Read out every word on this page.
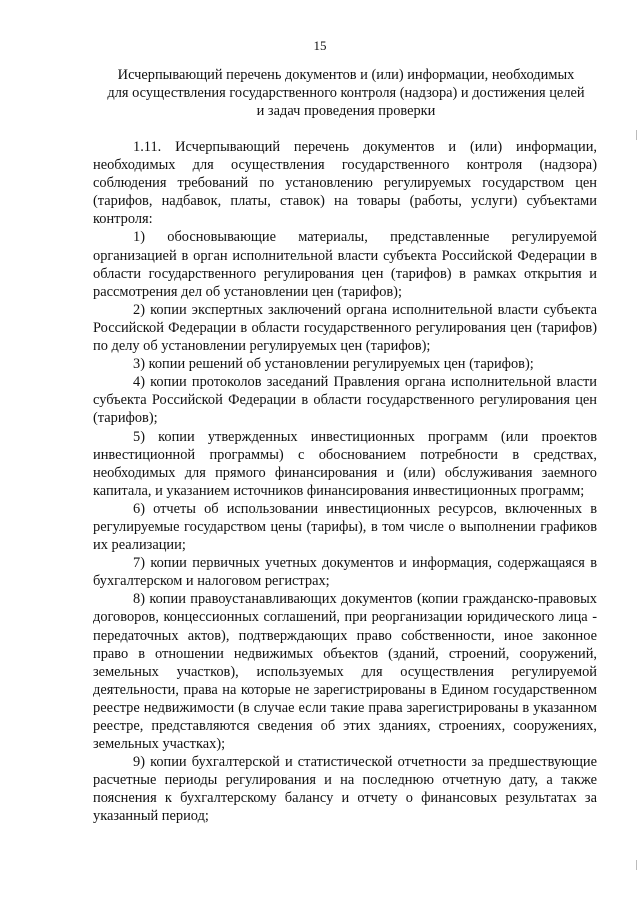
15
Исчерпывающий перечень документов и (или) информации, необходимых
для осуществления государственного контроля (надзора) и достижения целей
и задач проведения проверки

1.11. Исчерпывающий перечень документов и (или) информации, необходимых для осуществления государственного контроля (надзора) соблюдения требований по установлению регулируемых государством цен (тарифов, надбавок, платы, ставок) на товары (работы, услуги) субъектами контроля:

1) обосновывающие материалы, представленные регулируемой организацией в орган исполнительной власти субъекта Российской Федерации в области государственного регулирования цен (тарифов) в рамках открытия и рассмотрения дел об установлении цен (тарифов);

2) копии экспертных заключений органа исполнительной власти субъекта Российской Федерации в области государственного регулирования цен (тарифов) по делу об установлении регулируемых цен (тарифов);

3) копии решений об установлении регулируемых цен (тарифов);

4) копии протоколов заседаний Правления органа исполнительной власти субъекта Российской Федерации в области государственного регулирования цен (тарифов);

5) копии утвержденных инвестиционных программ (или проектов инвестиционной программы) с обоснованием потребности в средствах, необходимых для прямого финансирования и (или) обслуживания заемного капитала, и указанием источников финансирования инвестиционных программ;

6) отчеты об использовании инвестиционных ресурсов, включенных в регулируемые государством цены (тарифы), в том числе о выполнении графиков их реализации;

7) копии первичных учетных документов и информация, содержащаяся в бухгалтерском и налоговом регистрах;

8) копии правоустанавливающих документов (копии гражданско-правовых договоров, концессионных соглашений, при реорганизации юридического лица - передаточных актов), подтверждающих право собственности, иное законное право в отношении недвижимых объектов (зданий, строений, сооружений, земельных участков), используемых для осуществления регулируемой деятельности, права на которые не зарегистрированы в Едином государственном реестре недвижимости (в случае если такие права зарегистрированы в указанном реестре, представляются сведения об этих зданиях, строениях, сооружениях, земельных участках);

9) копии бухгалтерской и статистической отчетности за предшествующие расчетные периоды регулирования и на последнюю отчетную дату, а также пояснения к бухгалтерскому балансу и отчету о финансовых результатах за указанный период;
